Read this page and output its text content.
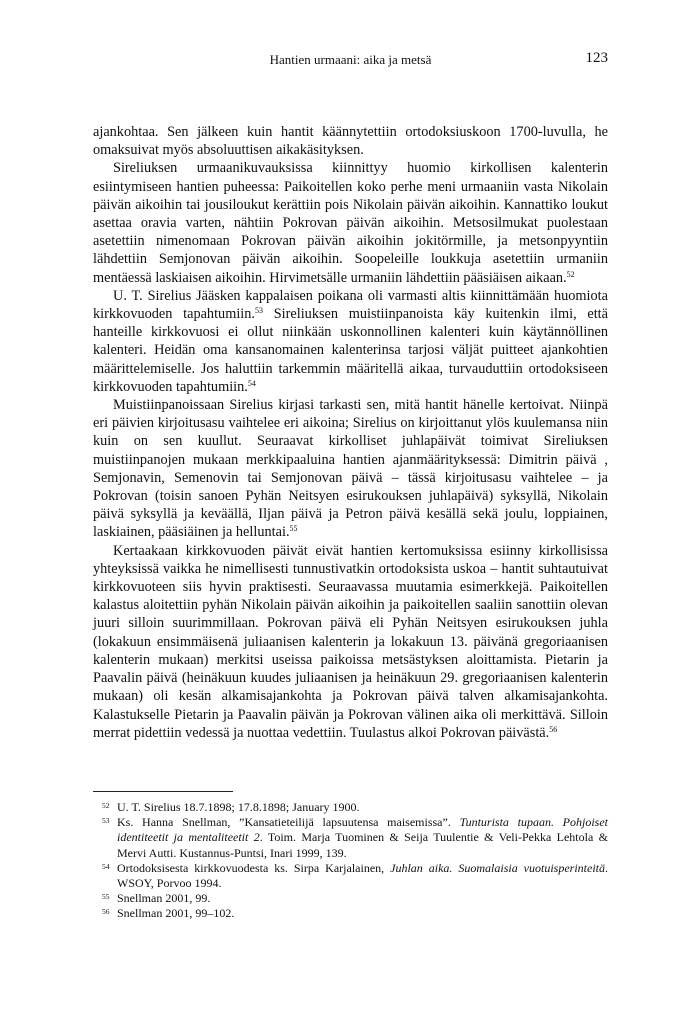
Hantien urmaani: aika ja metsä	123

ajankohtaa. Sen jälkeen kuin hantit käännytettiin ortodoksiuskoon 1700-luvulla, he omaksuivat myös absoluuttisen aikakäsityksen.

Sireliuksen urmaanikuvauksissa kiinnittyy huomio kirkollisen kalenterin esiintymiseen hantien puheessa: Paikoitellen koko perhe meni urmaaniin vasta Nikolain päivän aikoihin tai jousiloukut kerättiin pois Nikolain päivän aikoihin. Kannattiko loukut asettaa oravia varten, nähtiin Pokrovan päivän aikoihin. Metsosilmukat puolestaan asetettiin nimenomaan Pokrovan päivän aikoihin jokitörmille, ja metsonpyyntiin lähdettiin Semjonovan päivän aikoihin. Soopeleille loukkuja asetettiin urmaniin mentäessä laskiaisen aikoihin. Hirvimetsälle urmaniin lähdettiin pääsiäisen aikaan.$^{52}$

U. T. Sirelius Jääsken kappalaisen poikana oli varmasti altis kiinnittämään huomiota kirkkovuoden tapahtumiin.$^{53}$ Sireliuksen muistiinpanoista käy kuitenkin ilmi, että hanteille kirkkovuosi ei ollut niinkään uskonnollinen kalenteri kuin käytännöllinen kalenteri. Heidän oma kansanomainen kalenterinsa tarjosi väljät puitteet ajankohtien määrittelemiselle. Jos haluttiin tarkemmin määritellä aikaa, turvauduttiin ortodoksiseen kirkkovuoden tapahtumiin.$^{54}$

Muistiinpanoissaan Sirelius kirjasi tarkasti sen, mitä hantit hänelle kertoivat. Niinpä eri päivien kirjoitusasu vaihtelee eri aikoina; Sirelius on kirjoittanut ylös kuulemansa niin kuin on sen kuullut. Seuraavat kirkolliset juhlapäivät toimivat Sireliuksen muistiinpanojen mukaan merkkipaaluina hantien ajanmäärityksessä: Dimitrin päivä , Semjonavin, Semenovin tai Semjonovan päivä – tässä kirjoitusasu vaihtelee – ja Pokrovan (toisin sanoen Pyhän Neitsyen esirukouksen juhlapäivä) syksyllä, Nikolain päivä syksyllä ja keväällä, Iljan päivä ja Petron päivä kesällä sekä joulu, loppiainen, laskiainen, pääsiäinen ja helluntai.$^{55}$

Kertaakaan kirkkovuoden päivät eivät hantien kertomuksissa esiinny kirkollisissa yhteyksissä vaikka he nimellisesti tunnustivatkin ortodoksista uskoa – hantit suhtautuivat kirkkovuoteen siis hyvin praktisesti. Seuraavassa muutamia esimerkkejä. Paikoitellen kalastus aloitettiin pyhän Nikolain päivän aikoihin ja paikoitellen saaliin sanottiin olevan juuri silloin suurimmillaan. Pokrovan päivä eli Pyhän Neitsyen esirukouksen juhla (lokakuun ensimmäisenä juliaanisen kalenterin ja lokakuun 13. päivänä gregoriaanisen kalenterin mukaan) merkitsi useissa paikoissa metsästyksen aloittamista. Pietarin ja Paavalin päivä (heinäkuun kuudes juliaanisen ja heinäkuun 29. gregoriaanisen kalenterin mukaan) oli kesän alkamisajankohta ja Pokrovan päivä talven alkamisajankohta. Kalastukselle Pietarin ja Paavalin päivän ja Pokrovan välinen aika oli merkittävä. Silloin merrat pidettiin vedessä ja nuottaa vedettiin. Tuulastus alkoi Pokrovan päivästä.$^{56}$

52 U. T. Sirelius 18.7.1898; 17.8.1898; January 1900.
53 Ks. Hanna Snellman, ”Kansatieteilijä lapsuutensa maisemissa”. Tunturista tupaan. Pohjoiset identiteetit ja mentaliteetit 2. Toim. Marja Tuominen & Seija Tuulentie & Veli-Pekka Lehtola & Mervi Autti. Kustannus-Puntsi, Inari 1999, 139.
54 Ortodoksisesta kirkkovuodesta ks. Sirpa Karjalainen, Juhlan aika. Suomalaisia vuotuisperinteitä. WSOY, Porvoo 1994.
55 Snellman 2001, 99.
56 Snellman 2001, 99–102.
